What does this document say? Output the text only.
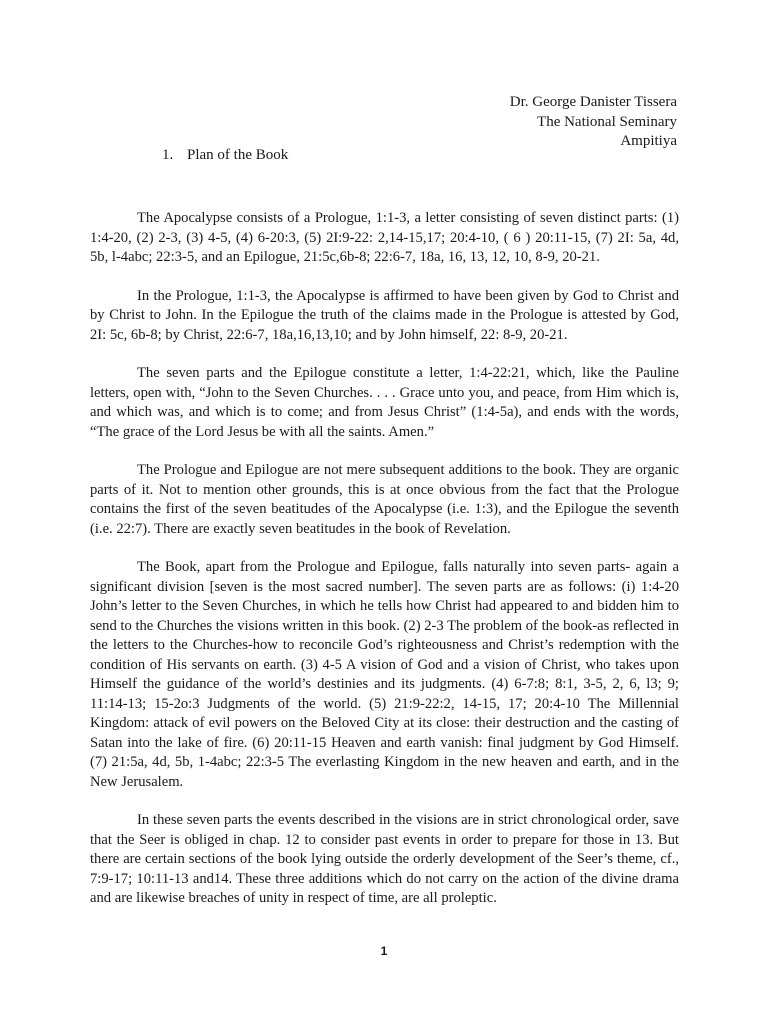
Dr. George Danister Tissera
The National Seminary
Ampitiya
1. Plan of the Book

The Apocalypse consists of a Prologue, 1:1-3, a letter consisting of seven distinct parts: (1) 1:4-20, (2) 2-3, (3) 4-5, (4) 6-20:3, (5) 2I:9-22: 2,14-15,17; 20:4-10, ( 6 ) 20:11-15, (7) 2I: 5a, 4d, 5b, l-4abc; 22:3-5, and an Epilogue, 21:5c,6b-8; 22:6-7, 18a, 16, 13, 12, 10, 8-9, 20-21.

In the Prologue, 1:1-3, the Apocalypse is affirmed to have been given by God to Christ and by Christ to John. In the Epilogue the truth of the claims made in the Prologue is attested by God, 2I: 5c, 6b-8; by Christ, 22:6-7, 18a,16,13,10; and by John himself, 22: 8-9, 20-21.

The seven parts and the Epilogue constitute a letter, 1:4-22:21, which, like the Pauline letters, open with, “John to the Seven Churches. . . . Grace unto you, and peace, from Him which is, and which was, and which is to come; and from Jesus Christ” (1:4-5a), and ends with the words, “The grace of the Lord Jesus be with all the saints. Amen.”

The Prologue and Epilogue are not mere subsequent additions to the book. They are organic parts of it. Not to mention other grounds, this is at once obvious from the fact that the Prologue contains the first of the seven beatitudes of the Apocalypse (i.e. 1:3), and the Epilogue the seventh (i.e. 22:7). There are exactly seven beatitudes in the book of Revelation.

The Book, apart from the Prologue and Epilogue, falls naturally into seven parts- again a significant division [seven is the most sacred number]. The seven parts are as follows: (i) 1:4-20 John’s letter to the Seven Churches, in which he tells how Christ had appeared to and bidden him to send to the Churches the visions written in this book. (2) 2-3 The problem of the book-as reflected in the letters to the Churches-how to reconcile God’s righteousness and Christ’s redemption with the condition of His servants on earth. (3) 4-5 A vision of God and a vision of Christ, who takes upon Himself the guidance of the world’s destinies and its judgments. (4) 6-7:8; 8:1, 3-5, 2, 6, l3; 9; 11:14-13; 15-2o:3 Judgments of the world. (5) 21:9-22:2, 14-15, 17; 20:4-10 The Millennial Kingdom: attack of evil powers on the Beloved City at its close: their destruction and the casting of Satan into the lake of fire. (6) 20:11-15 Heaven and earth vanish: final judgment by God Himself. (7) 21:5a, 4d, 5b, 1-4abc; 22:3-5 The everlasting Kingdom in the new heaven and earth, and in the New Jerusalem.

In these seven parts the events described in the visions are in strict chronological order, save that the Seer is obliged in chap. 12 to consider past events in order to prepare for those in 13. But there are certain sections of the book lying outside the orderly development of the Seer’s theme, cf., 7:9-17; 10:11-13 and14. These three additions which do not carry on the action of the divine drama and are likewise breaches of unity in respect of time, are all proleptic.

1
